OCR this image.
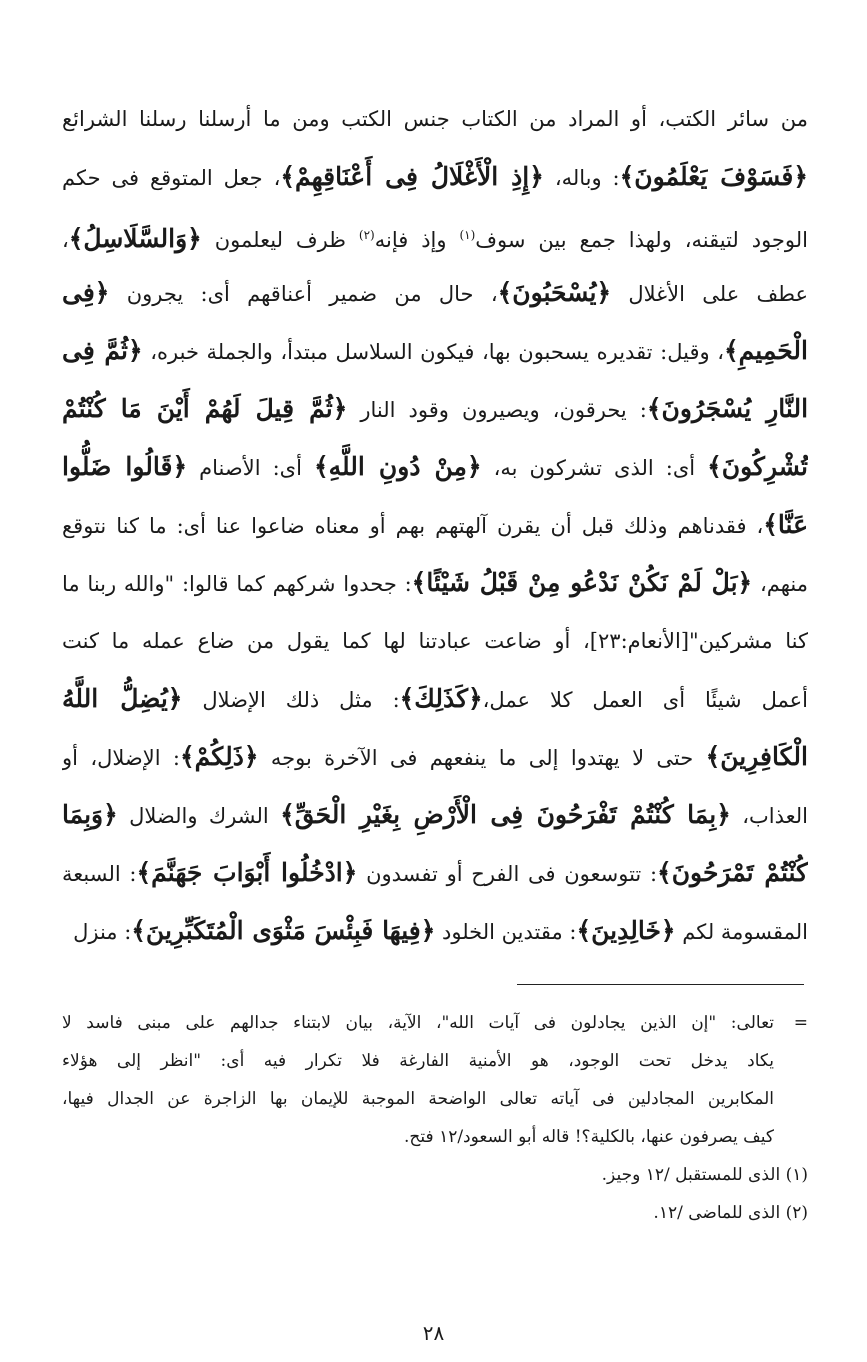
من سائر الكتب، أو المراد من الكتاب جنس الكتب ومن ما أرسلنا رسلنا الشرائع
﴿فَسَوْفَ يَعْلَمُونَ﴾: وباله، ﴿إِذِ الْأَغْلَالُ فِى أَعْنَاقِهِمْ﴾، جعل المتوقع فى حكم
الوجود لتيقنه، ولهذا جمع بين سوف$^{(١)}$ وإذ فإنه$^{(٢)}$ ظرف ليعلمون ﴿وَالسَّلَاسِلُ﴾،
عطف على الأغلال ﴿يُسْحَبُونَ﴾، حال من ضمير أعناقهم أى: يجرون ﴿فِى
الْحَمِيمِ﴾، وقيل: تقديره يسحبون بها، فيكون السلاسل مبتدأ، والجملة خبره، ﴿ثُمَّ فِى
النَّارِ يُسْجَرُونَ﴾: يحرقون، ويصيرون وقود النار ﴿ثُمَّ قِيلَ لَهُمْ أَيْنَ مَا كُنْتُمْ
تُشْرِكُونَ﴾ أى: الذى تشركون به، ﴿مِنْ دُونِ اللَّهِ﴾ أى: الأصنام ﴿قَالُوا ضَلُّوا
عَنَّا﴾، فقدناهم وذلك قبل أن يقرن آلهتهم بهم أو معناه ضاعوا عنا أى: ما كنا نتوقع
منهم، ﴿بَلْ لَمْ نَكُنْ نَدْعُو مِنْ قَبْلُ شَيْئًا﴾: جحدوا شركهم كما قالوا: "والله ربنا ما
كنا مشركين"[الأنعام:٢٣]، أو ضاعت عبادتنا لها كما يقول من ضاع عمله ما كنت
أعمل شيئًا أى العمل كلا عمل،﴿كَذَلِكَ﴾: مثل ذلك الإضلال ﴿يُضِلُّ اللَّهُ
الْكَافِرِينَ﴾ حتى لا يهتدوا إلى ما ينفعهم فى الآخرة بوجه ﴿ذَلِكُمْ﴾: الإضلال، أو
العذاب، ﴿بِمَا كُنْتُمْ تَفْرَحُونَ فِى الْأَرْضِ بِغَيْرِ الْحَقِّ﴾ الشرك والضلال ﴿وَبِمَا
كُنْتُمْ تَمْرَحُونَ﴾: تتوسعون فى الفرح أو تفسدون ﴿ادْخُلُوا أَبْوَابَ جَهَنَّمَ﴾: السبعة
المقسومة لكم ﴿خَالِدِينَ﴾: مقتدين الخلود ﴿فِيهَا فَبِئْسَ مَثْوَى الْمُتَكَبِّرِينَ﴾: منزل
=تعالى: "إن الذين يجادلون فى آيات الله"، الآية، بيان لابتناء جدالهم على مبنى فاسد لا
يكاد يدخل تحت الوجود، هو الأمنية الفارغة فلا تكرار فيه أى: "انظر إلى هؤلاء
المكابرين المجادلين فى آياته تعالى الواضحة الموجبة للإيمان بها الزاجرة عن الجدال فيها،
كيف يصرفون عنها، بالكلية؟! قاله أبو السعود/١٢ فتح.
(١) الذى للمستقبل /١٢ وجيز.
(٢) الذى للماضى /١٢.
٢٨
